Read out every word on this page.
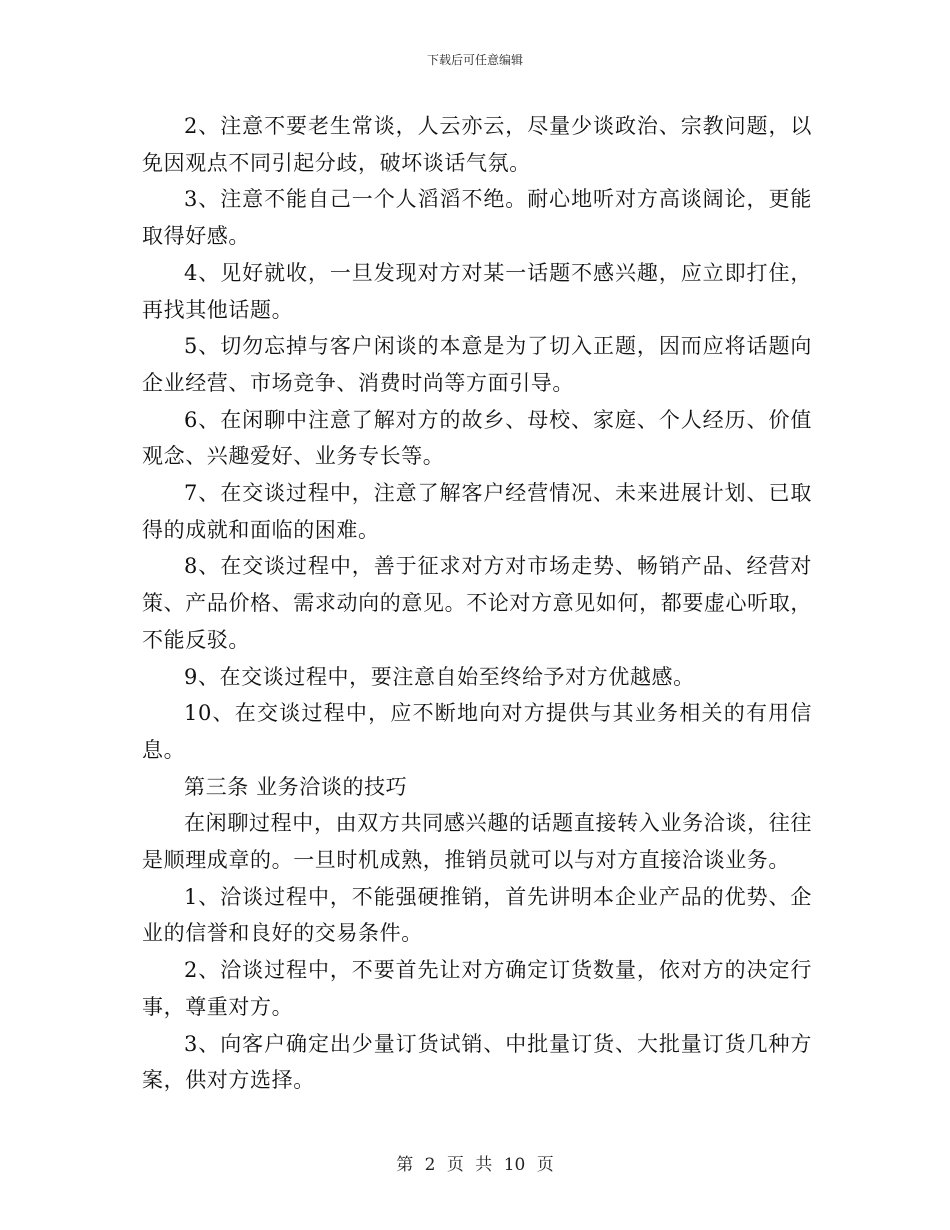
下载后可任意编辑

2、注意不要老生常谈，人云亦云，尽量少谈政治、宗教问题，以免因观点不同引起分歧，破坏谈话气氛。

3、注意不能自己一个人滔滔不绝。耐心地听对方高谈阔论，更能取得好感。

4、见好就收，一旦发现对方对某一话题不感兴趣，应立即打住，再找其他话题。

5、切勿忘掉与客户闲谈的本意是为了切入正题，因而应将话题向企业经营、市场竞争、消费时尚等方面引导。

6、在闲聊中注意了解对方的故乡、母校、家庭、个人经历、价值观念、兴趣爱好、业务专长等。

7、在交谈过程中，注意了解客户经营情况、未来进展计划、已取得的成就和面临的困难。

8、在交谈过程中，善于征求对方对市场走势、畅销产品、经营对策、产品价格、需求动向的意见。不论对方意见如何，都要虚心听取，不能反驳。

9、在交谈过程中，要注意自始至终给予对方优越感。

10、在交谈过程中，应不断地向对方提供与其业务相关的有用信息。

第三条 业务洽谈的技巧

在闲聊过程中，由双方共同感兴趣的话题直接转入业务洽谈，往往是顺理成章的。一旦时机成熟，推销员就可以与对方直接洽谈业务。

1、洽谈过程中，不能强硬推销，首先讲明本企业产品的优势、企业的信誉和良好的交易条件。

2、洽谈过程中，不要首先让对方确定订货数量，依对方的决定行事，尊重对方。

3、向客户确定出少量订货试销、中批量订货、大批量订货几种方案，供对方选择。

第 2 页 共 10 页
